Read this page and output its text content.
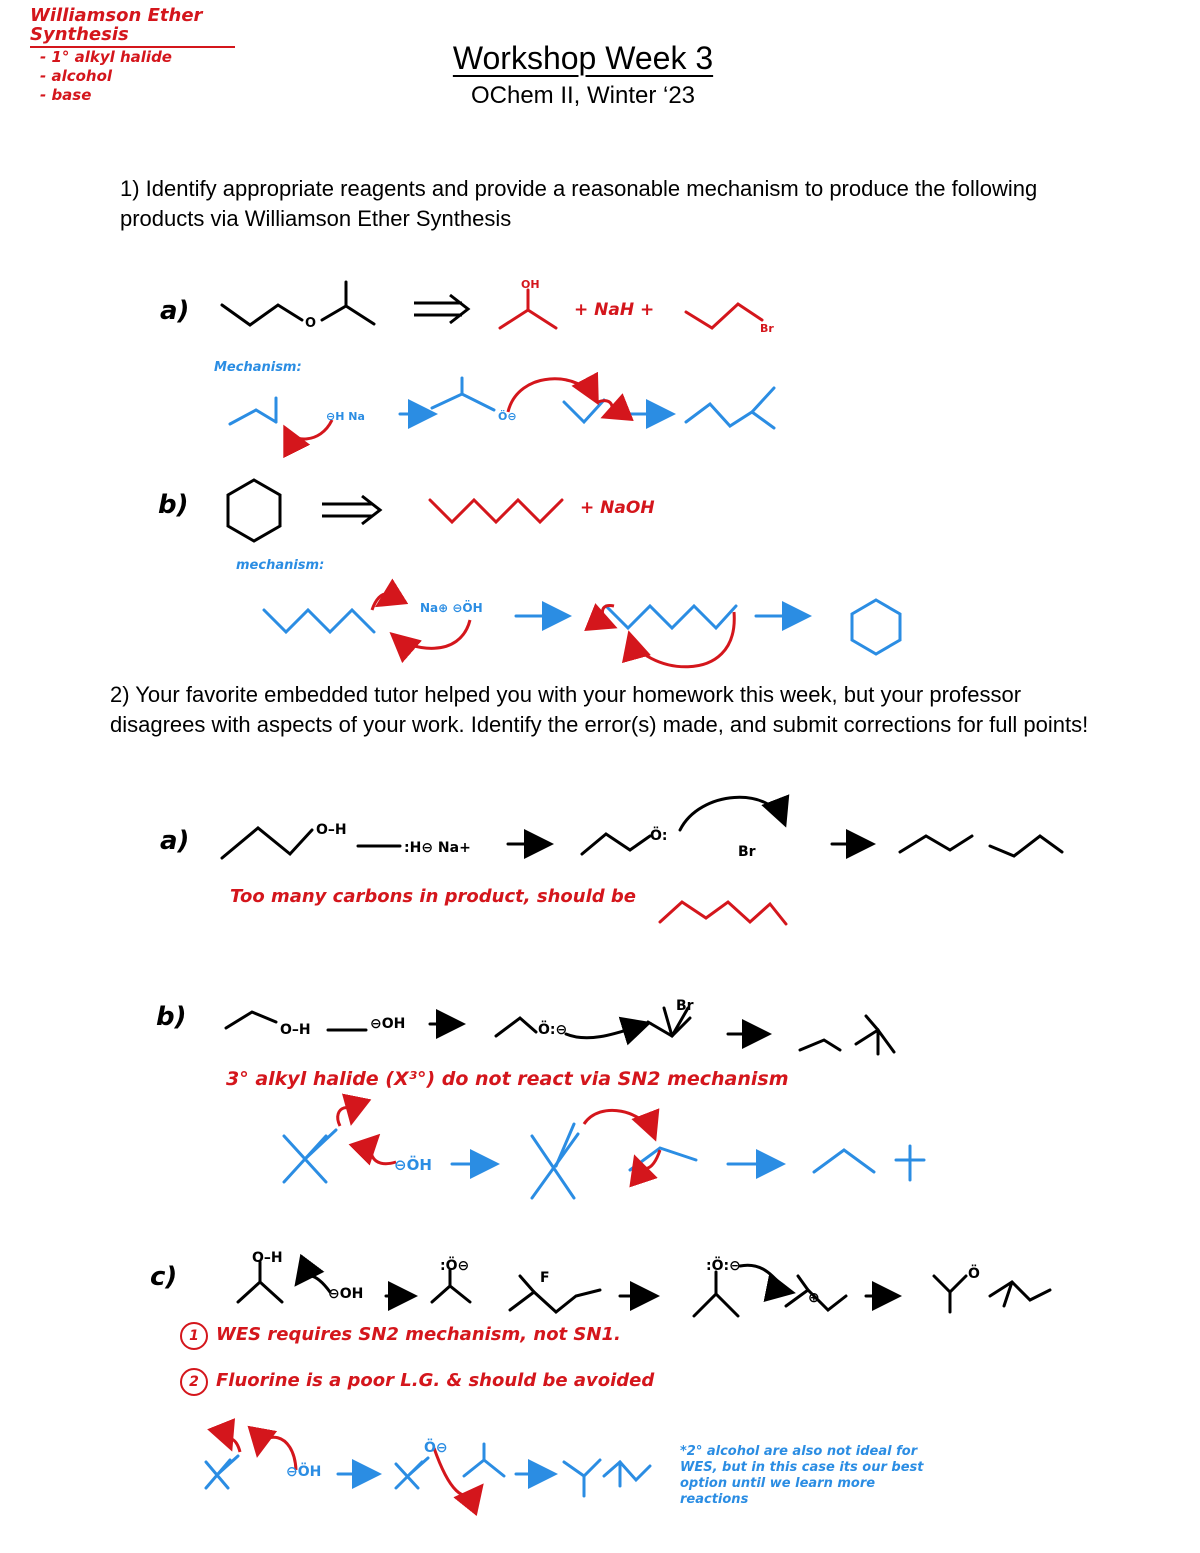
Williamson Ether Synthesis
- 1° alkyl halide
- alcohol
- base
Workshop Week 3
OChem II, Winter ‘23
1) Identify appropriate reagents and provide a reasonable mechanism to produce the following products via Williamson Ether Synthesis
a)
Mechanism:
+ NaH +
b)
mechanism:
+ NaOH
2) Your favorite embedded tutor helped you with your homework this week, but your professor disagrees with aspects of your work. Identify the error(s) made, and submit corrections for full points!
a)
Too many carbons in product, should be
b)
3° alkyl halide (X³°) do not react via SN2 mechanism
c)
1 WES requires SN2 mechanism, not SN1.
2 Fluorine is a poor L.G. & should be avoided
*2° alcohol are also not ideal for WES, but in this case its our best option until we learn more reactions
O
OH
Br
⊖H Na	Ö⊖
Na⊕ ⊖ÖH
O–H
:H⊖ Na+
Ö:
Br
O–H	⊖OH	Ö:⊖
Br
⊖ÖH
O–H
⊖OH
:Ö⊖
F
:Ö:⊖
⊕
Ö
⊖ÖH
Ö⊖
